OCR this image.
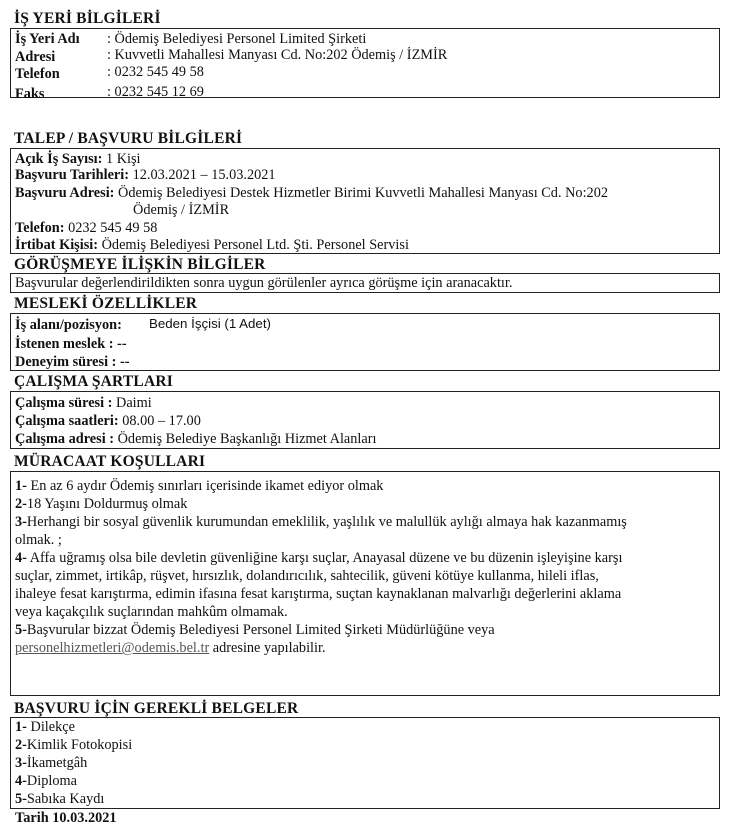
İŞ YERİ BİLGİLERİ
İş Yeri Adı : Ödemiş Belediyesi Personel Limited Şirketi
Adresi	: Kuvvetli Mahallesi Manyası Cd. No:202 Ödemiş / İZMİR
Telefon	: 0232 545 49 58
Faks	: 0232 545 12 69
TALEP / BAŞVURU BİLGİLERİ
Açık İş Sayısı: 1 Kişi
Başvuru Tarihleri: 12.03.2021 – 15.03.2021
Başvuru Adresi: Ödemiş Belediyesi Destek Hizmetler Birimi Kuvvetli Mahallesi Manyası Cd. No:202
Ödemiş / İZMİR
Telefon: 0232 545 49 58
İrtibat Kişisi: Ödemiş Belediyesi Personel Ltd. Şti. Personel Servisi
GÖRÜŞMEYE İLİŞKİN BİLGİLER
Başvurular değerlendirildikten sonra uygun görülenler ayrıca görüşme için aranacaktır.
MESLEKİ ÖZELLİKLER
İş alanı/pozisyon: Beden İşçisi (1 Adet)
İstenen meslek : --
Deneyim süresi : --
ÇALIŞMA ŞARTLARI
Çalışma süresi : Daimi
Çalışma saatleri: 08.00 – 17.00
Çalışma adresi : Ödemiş Belediye Başkanlığı Hizmet Alanları
MÜRACAAT KOŞULLARI
1- En az 6 aydır Ödemiş sınırları içerisinde ikamet ediyor olmak
2-18 Yaşını Doldurmuş olmak
3-Herhangi bir sosyal güvenlik kurumundan emeklilik, yaşlılık ve malullük aylığı almaya hak kazanmamış
olmak. ;
4- Affa uğramış olsa bile devletin güvenliğine karşı suçlar, Anayasal düzene ve bu düzenin işleyişine karşı
suçlar, zimmet, irtikâp, rüşvet, hırsızlık, dolandırıcılık, sahtecilik, güveni kötüye kullanma, hileli iflas,
ihaleye fesat karıştırma, edimin ifasına fesat karıştırma, suçtan kaynaklanan malvarlığı değerlerini aklama
veya kaçakçılık suçlarından mahkûm olmamak.
5-Başvurular bizzat Ödemiş Belediyesi Personel Limited Şirketi Müdürlüğüne veya
personelhizmetleri@odemis.bel.tr adresine yapılabilir.
BAŞVURU İÇİN GEREKLİ BELGELER
1- Dilekçe
2-Kimlik Fotokopisi
3-İkametgâh
4-Diploma
5-Sabıka Kaydı
Tarih 10.03.2021
